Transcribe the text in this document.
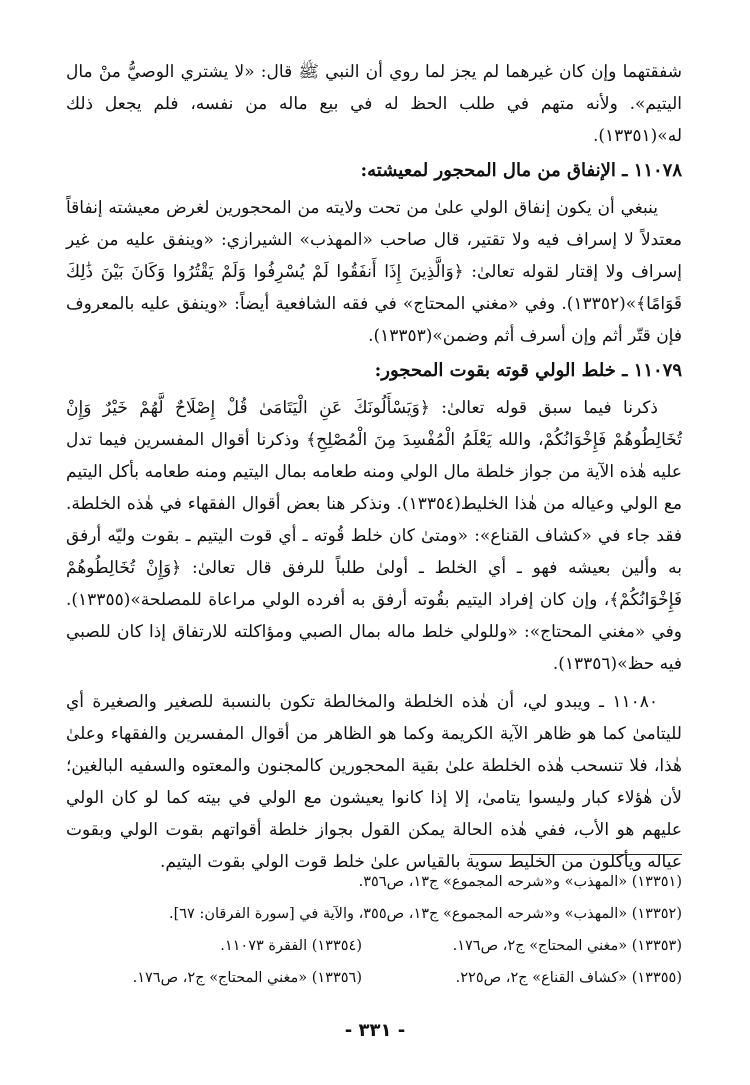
شفقتهما وإن كان غيرهما لم يجز لما روي أن النبي ﷺ قال: «لا يشتري الوصيُّ منْ مال اليتيم». ولأنه متهم في طلب الحظ له في بيع ماله من نفسه، فلم يجعل ذلك له»(١٣٣٥١).

١١٠٧٨ ـ الإنفاق من مال المحجور لمعيشته:

ينبغي أن يكون إنفاق الولي علىٰ من تحت ولايته من المحجورين لغرض معيشته إنفاقاً معتدلاً لا إسراف فيه ولا تقتير، قال صاحب «المهذب» الشيرازي: «وينفق عليه من غير إسراف ولا إقتار لقوله تعالىٰ: ﴿وَالَّذِينَ إِذَا أَنفَقُوا لَمْ يُسْرِفُوا وَلَمْ يَقْتُرُوا وَكَانَ بَيْنَ ذَٰلِكَ قَوَامًا﴾»(١٣٣٥٢). وفي «مغني المحتاج» في فقه الشافعية أيضاً: «وينفق عليه بالمعروف فإن قتّر أثم وإن أسرف أثم وضمن»(١٣٣٥٣).

١١٠٧٩ ـ خلط الولي قوته بقوت المحجور:

ذكرنا فيما سبق قوله تعالىٰ: ﴿وَيَسْأَلُونَكَ عَنِ الْيَتَامَىٰ قُلْ إِصْلَاحٌ لَّهُمْ خَيْرٌ وَإِنْ تُخَالِطُوهُمْ فَإِخْوَانُكُمْ، والله يَعْلَمُ الْمُفْسِدَ مِنَ الْمُصْلِحِ﴾ وذكرنا أقوال المفسرين فيما تدل عليه هٰذه الآية من جواز خلطة مال الولي ومنه طعامه بمال اليتيم ومنه طعامه بأكل اليتيم مع الولي وعياله من هٰذا الخليط(١٣٣٥٤). ونذكر هنا بعض أقوال الفقهاء في هٰذه الخلطة. فقد جاء في «كشاف القناع»: «ومتىٰ كان خلط قُوته ـ أي قوت اليتيم ـ بقوت وليّه أرفق به وألين بعيشه فهو ـ أي الخلط ـ أولىٰ طلباً للرفق قال تعالىٰ: ﴿وَإِنْ تُخَالِطُوهُمْ فَإِخْوَانُكُمْ﴾، وإن كان إفراد اليتيم بقُوته أرفق به أفرده الولي مراعاة للمصلحة»(١٣٣٥٥). وفي «مغني المحتاج»: «وللولي خلط ماله بمال الصبي ومؤاكلته للارتفاق إذا كان للصبي فيه حظ»(١٣٣٥٦).

١١٠٨٠ ـ ويبدو لي، أن هٰذه الخلطة والمخالطة تكون بالنسبة للصغير والصغيرة أي لليتامىٰ كما هو ظاهر الآية الكريمة وكما هو الظاهر من أقوال المفسرين والفقهاء وعلىٰ هٰذا، فلا تنسحب هٰذه الخلطة علىٰ بقية المحجورين كالمجنون والمعتوه والسفيه البالغين؛ لأن هٰؤلاء كبار وليسوا يتامىٰ، إلا إذا كانوا يعيشون مع الولي في بيته كما لو كان الولي عليهم هو الأب، ففي هٰذه الحالة يمكن القول بجواز خلطة أقواتهم بقوت الولي وبقوت عياله ويأكلون من الخليط سوية بالقياس علىٰ خلط قوت الولي بقوت اليتيم.

(١٣٣٥١) «المهذب» و«شرحه المجموع» ج١٣، ص٣٥٦.
(١٣٣٥٢) «المهذب» و«شرحه المجموع» ج١٣، ص٣٥٥، والآية في [سورة الفرقان: ٦٧].
(١٣٣٥٣) «مغني المحتاج» ج٢، ص١٧٦.
(١٣٣٥٤) الفقرة ١١٠٧٣.
(١٣٣٥٥) «كشاف القناع» ج٢، ص٢٢٥.
(١٣٣٥٦) «مغني المحتاج» ج٢، ص١٧٦.
- ٣٣١ -
